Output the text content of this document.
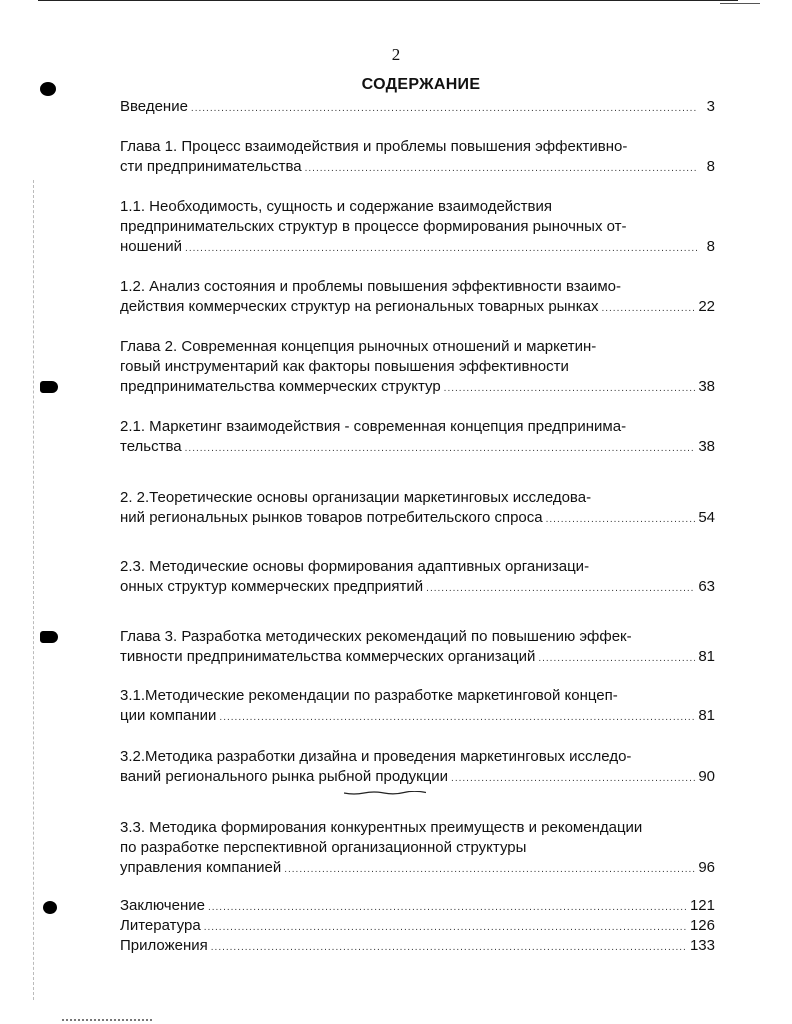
2
СОДЕРЖАНИЕ
Введение .....	3
Глава 1. Процесс взаимодействия и проблемы повышения эффективно-
сти предпринимательства .....	8
1.1. Необходимость, сущность и содержание взаимодействия
предпринимательских структур в процессе формирования рыночных от-
ношений .....	8
1.2. Анализ состояния и проблемы повышения эффективности взаимо-
действия коммерческих структур на региональных товарных рынках .....	22
Глава 2. Современная концепция рыночных отношений и маркетин-
говый инструментарий как факторы повышения эффективности
предпринимательства коммерческих структур .....	38
2.1. Маркетинг взаимодействия - современная концепция предпринима-
тельства .....	38
2. 2.Теоретические основы организации маркетинговых исследова-
ний региональных рынков товаров потребительского спроса .....	54
2.3. Методические основы формирования адаптивных организаци-
онных структур коммерческих предприятий .....	63
Глава 3. Разработка методических рекомендаций по повышению эффек-
тивности предпринимательства коммерческих организаций .....	81
3.1.Методические рекомендации по разработке маркетинговой концеп-
ции компании .....	81
3.2.Методика разработки дизайна и проведения маркетинговых исследо-
ваний регионального рынка рыбной продукции .....	90
3.3. Методика формирования конкурентных преимуществ и рекомендации
по разработке перспективной организационной структуры
управления компанией .....	96
Заключение .....	121
Литература .....	126
Приложения .....	133
